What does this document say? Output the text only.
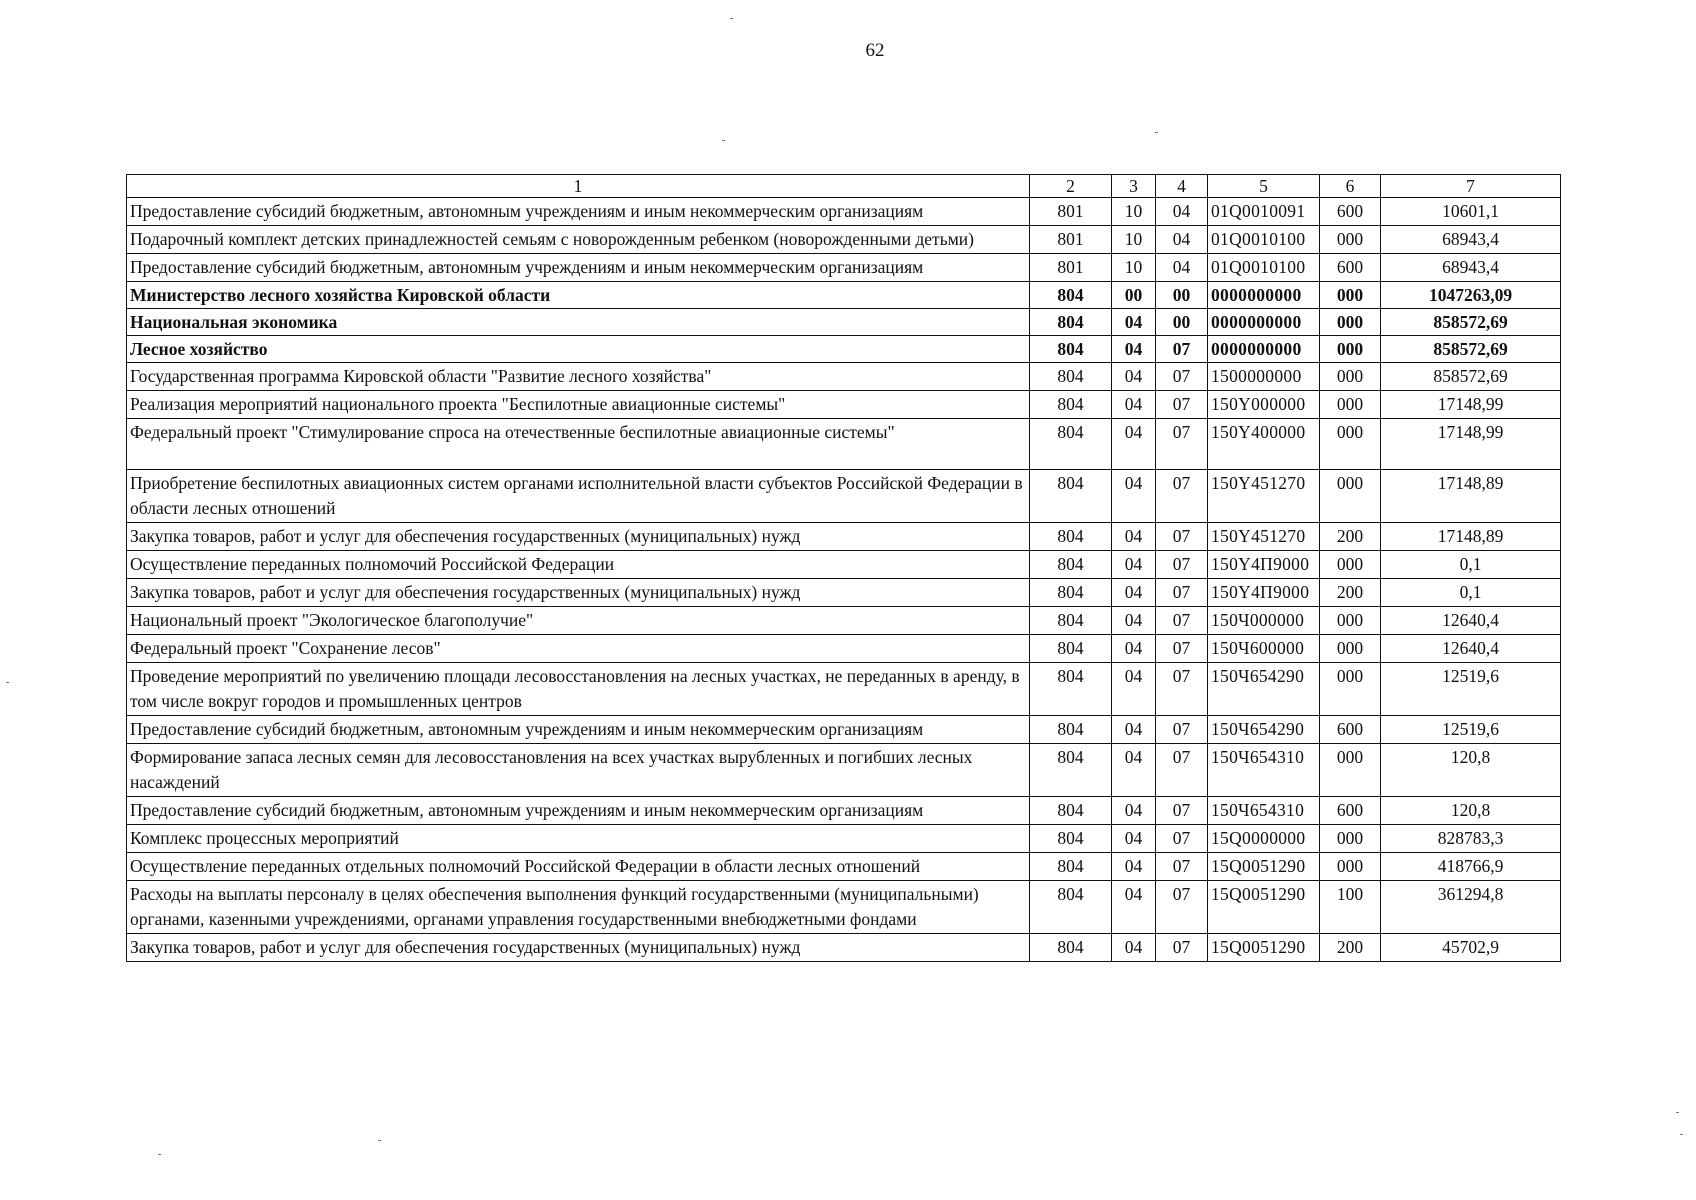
62
1	2	3	4	5	6	7
Предоставление субсидий бюджетным, автономным учреждениям и иным некоммерческим организациям	801	10	04	01Q0010091	600	10601,1
Подарочный комплект детских принадлежностей семьям с новорожденным ребенком (новорожденными детьми)	801	10	04	01Q0010100	000	68943,4
Предоставление субсидий бюджетным, автономным учреждениям и иным некоммерческим организациям	801	10	04	01Q0010100	600	68943,4
Министерство лесного хозяйства Кировской области	804	00	00	0000000000	000	1047263,09
Национальная экономика	804	04	00	0000000000	000	858572,69
Лесное хозяйство	804	04	07	0000000000	000	858572,69
Государственная программа Кировской области "Развитие лесного хозяйства"	804	04	07	1500000000	000	858572,69
Реализация мероприятий национального проекта "Беспилотные авиационные системы"	804	04	07	150Y000000	000	17148,99
Федеральный проект "Стимулирование спроса на отечественные беспилотные авиационные системы"	804	04	07	150Y400000	000	17148,99
Приобретение беспилотных авиационных систем органами исполнительной власти субъектов Российской Федерации в области лесных отношений	804	04	07	150Y451270	000	17148,89
Закупка товаров, работ и услуг для обеспечения государственных (муниципальных) нужд	804	04	07	150Y451270	200	17148,89
Осуществление переданных полномочий Российской Федерации	804	04	07	150Y4П9000	000	0,1
Закупка товаров, работ и услуг для обеспечения государственных (муниципальных) нужд	804	04	07	150Y4П9000	200	0,1
Национальный проект "Экологическое благополучие"	804	04	07	150Ч000000	000	12640,4
Федеральный проект "Сохранение лесов"	804	04	07	150Ч600000	000	12640,4
Проведение мероприятий по увеличению площади лесовосстановления на лесных участках, не переданных в аренду, в том числе вокруг городов и промышленных центров	804	04	07	150Ч654290	000	12519,6
Предоставление субсидий бюджетным, автономным учреждениям и иным некоммерческим организациям	804	04	07	150Ч654290	600	12519,6
Формирование запаса лесных семян для лесовосстановления на всех участках вырубленных и погибших лесных насаждений	804	04	07	150Ч654310	000	120,8
Предоставление субсидий бюджетным, автономным учреждениям и иным некоммерческим организациям	804	04	07	150Ч654310	600	120,8
Комплекс процессных мероприятий	804	04	07	15Q0000000	000	828783,3
Осуществление переданных отдельных полномочий Российской Федерации в области лесных отношений	804	04	07	15Q0051290	000	418766,9
Расходы на выплаты персоналу в целях обеспечения выполнения функций государственными (муниципальными) органами, казенными учреждениями, органами управления государственными внебюджетными фондами	804	04	07	15Q0051290	100	361294,8
Закупка товаров, работ и услуг для обеспечения государственных (муниципальных) нужд	804	04	07	15Q0051290	200	45702,9
